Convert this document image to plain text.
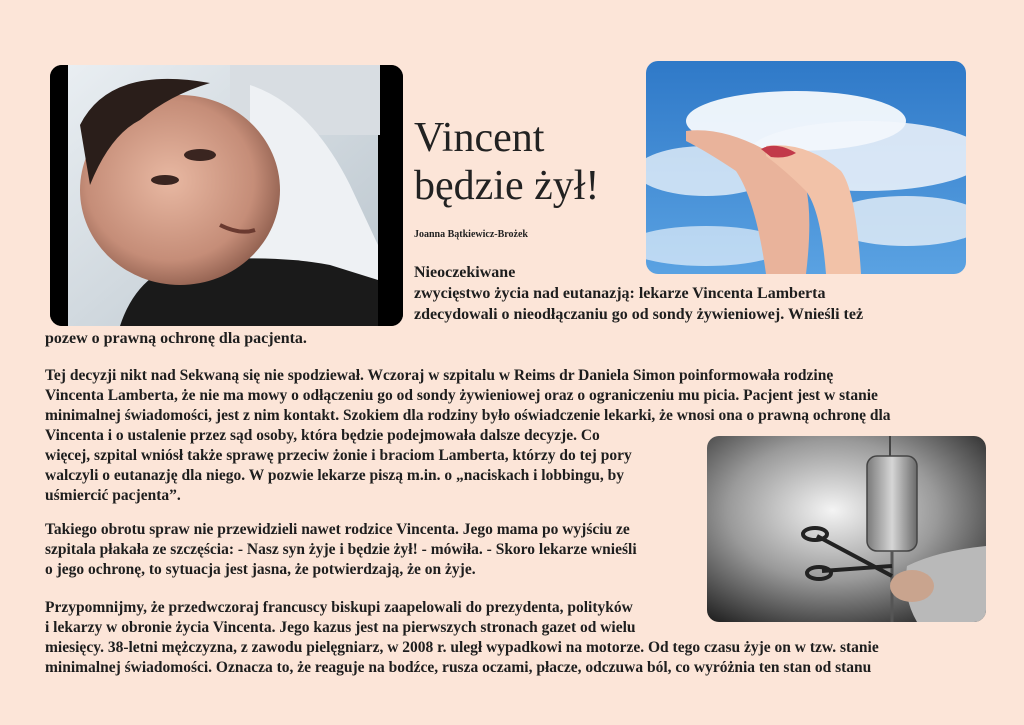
Vincent
będzie żył!
Joanna Bątkiewicz-Brożek
Nieoczekiwane
zwycięstwo życia nad eutanazją: lekarze Vincenta Lamberta
zdecydowali o nieodłączaniu go od sondy żywieniowej. Wnieśli też
pozew o prawną ochronę dla pacjenta.
Tej decyzji nikt nad Sekwaną się nie spodziewał. Wczoraj w szpitalu w Reims dr Daniela Simon poinformowała rodzinę
Vincenta Lamberta, że nie ma mowy o odłączeniu go od sondy żywieniowej oraz o ograniczeniu mu picia. Pacjent jest w stanie
minimalnej świadomości, jest z nim kontakt. Szokiem dla rodziny było oświadczenie lekarki, że wnosi ona o prawną ochronę dla
Vincenta i o ustalenie przez sąd osoby, która będzie podejmowała dalsze decyzje. Co
więcej, szpital wniósł także sprawę przeciw żonie i braciom Lamberta, którzy do tej pory
walczyli o eutanazję dla niego. W pozwie lekarze piszą m.in. o „naciskach i lobbingu, by
uśmiercić pacjenta”.
Takiego obrotu spraw nie przewidzieli nawet rodzice Vincenta. Jego mama po wyjściu ze
szpitala płakała ze szczęścia: - Nasz syn żyje i będzie żył! - mówiła. - Skoro lekarze wnieśli
o jego ochronę, to sytuacja jest jasna, że potwierdzają, że on żyje.
Przypomnijmy, że przedwczoraj francuscy biskupi zaapelowali do prezydenta, polityków
i lekarzy w obronie życia Vincenta. Jego kazus jest na pierwszych stronach gazet od wielu
miesięcy. 38-letni mężczyzna, z zawodu pielęgniarz, w 2008 r. uległ wypadkowi na motorze. Od tego czasu żyje on w tzw. stanie
minimalnej świadomości. Oznacza to, że reaguje na bodźce, rusza oczami, płacze, odczuwa ból, co wyróżnia ten stan od stanu
